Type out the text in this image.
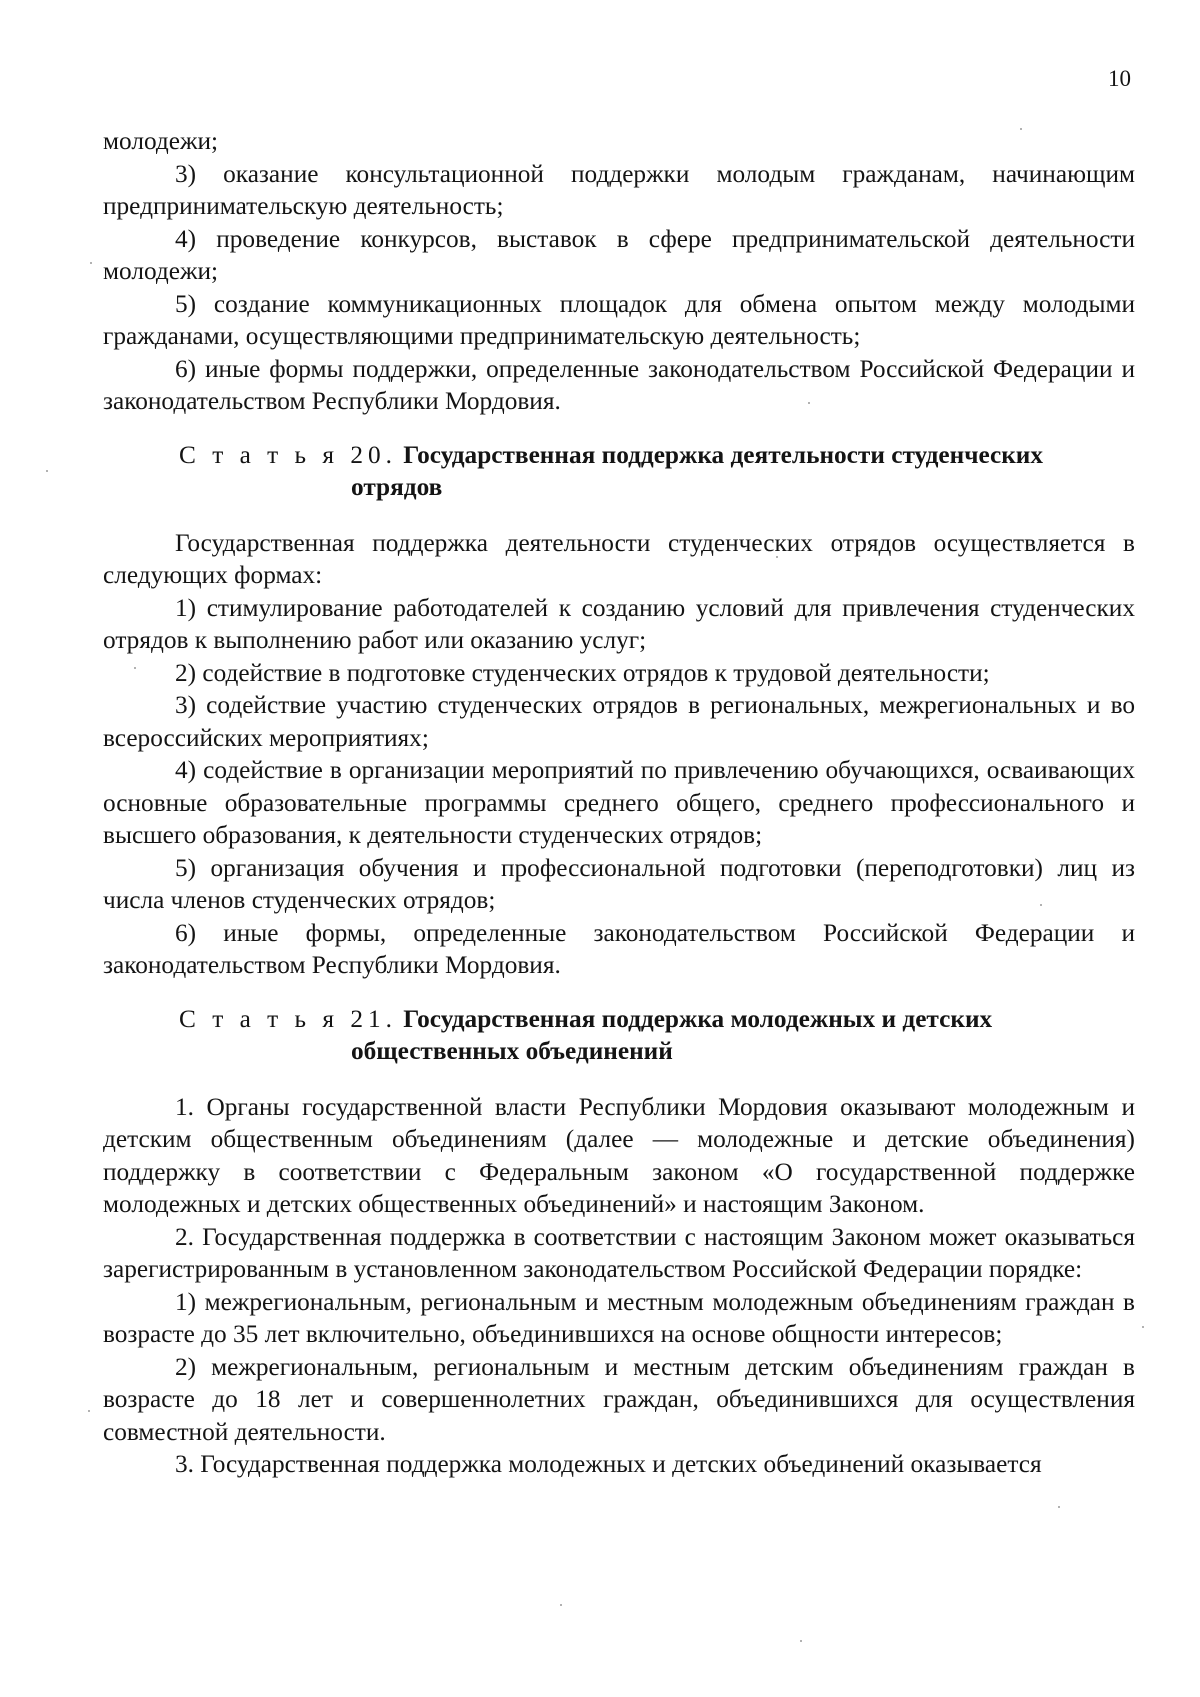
10

молодежи;

3) оказание консультационной поддержки молодым гражданам, начинающим предпринимательскую деятельность;

4) проведение конкурсов, выставок в сфере предпринимательской деятельности молодежи;

5) создание коммуникационных площадок для обмена опытом между молодыми гражданами, осуществляющими предпринимательскую деятельность;

6) иные формы поддержки, определенные законодательством Российской Федерации и законодательством Республики Мордовия.

С т а т ь я 20. Государственная поддержка деятельности студенческих
отрядов

Государственная поддержка деятельности студенческих отрядов осуществляется в следующих формах:

1) стимулирование работодателей к созданию условий для привлечения студенческих отрядов к выполнению работ или оказанию услуг;

2) содействие в подготовке студенческих отрядов к трудовой деятельности;

3) содействие участию студенческих отрядов в региональных, межрегиональных и во всероссийских мероприятиях;

4) содействие в организации мероприятий по привлечению обучающихся, осваивающих основные образовательные программы среднего общего, среднего профессионального и высшего образования, к деятельности студенческих отрядов;

5) организация обучения и профессиональной подготовки (переподготовки) лиц из числа членов студенческих отрядов;

6) иные формы, определенные законодательством Российской Федерации и законодательством Республики Мордовия.

С т а т ь я 21. Государственная поддержка молодежных и детских
общественных объединений

1. Органы государственной власти Республики Мордовия оказывают молодежным и детским общественным объединениям (далее — молодежные и детские объединения) поддержку в соответствии с Федеральным законом «О государственной поддержке молодежных и детских общественных объединений» и настоящим Законом.

2. Государственная поддержка в соответствии с настоящим Законом может оказываться зарегистрированным в установленном законодательством Российской Федерации порядке:

1) межрегиональным, региональным и местным молодежным объединениям граждан в возрасте до 35 лет включительно, объединившихся на основе общности интересов;

2) межрегиональным, региональным и местным детским объединениям граждан в возрасте до 18 лет и совершеннолетних граждан, объединившихся для осуществления совместной деятельности.

3. Государственная поддержка молодежных и детских объединений оказывается
